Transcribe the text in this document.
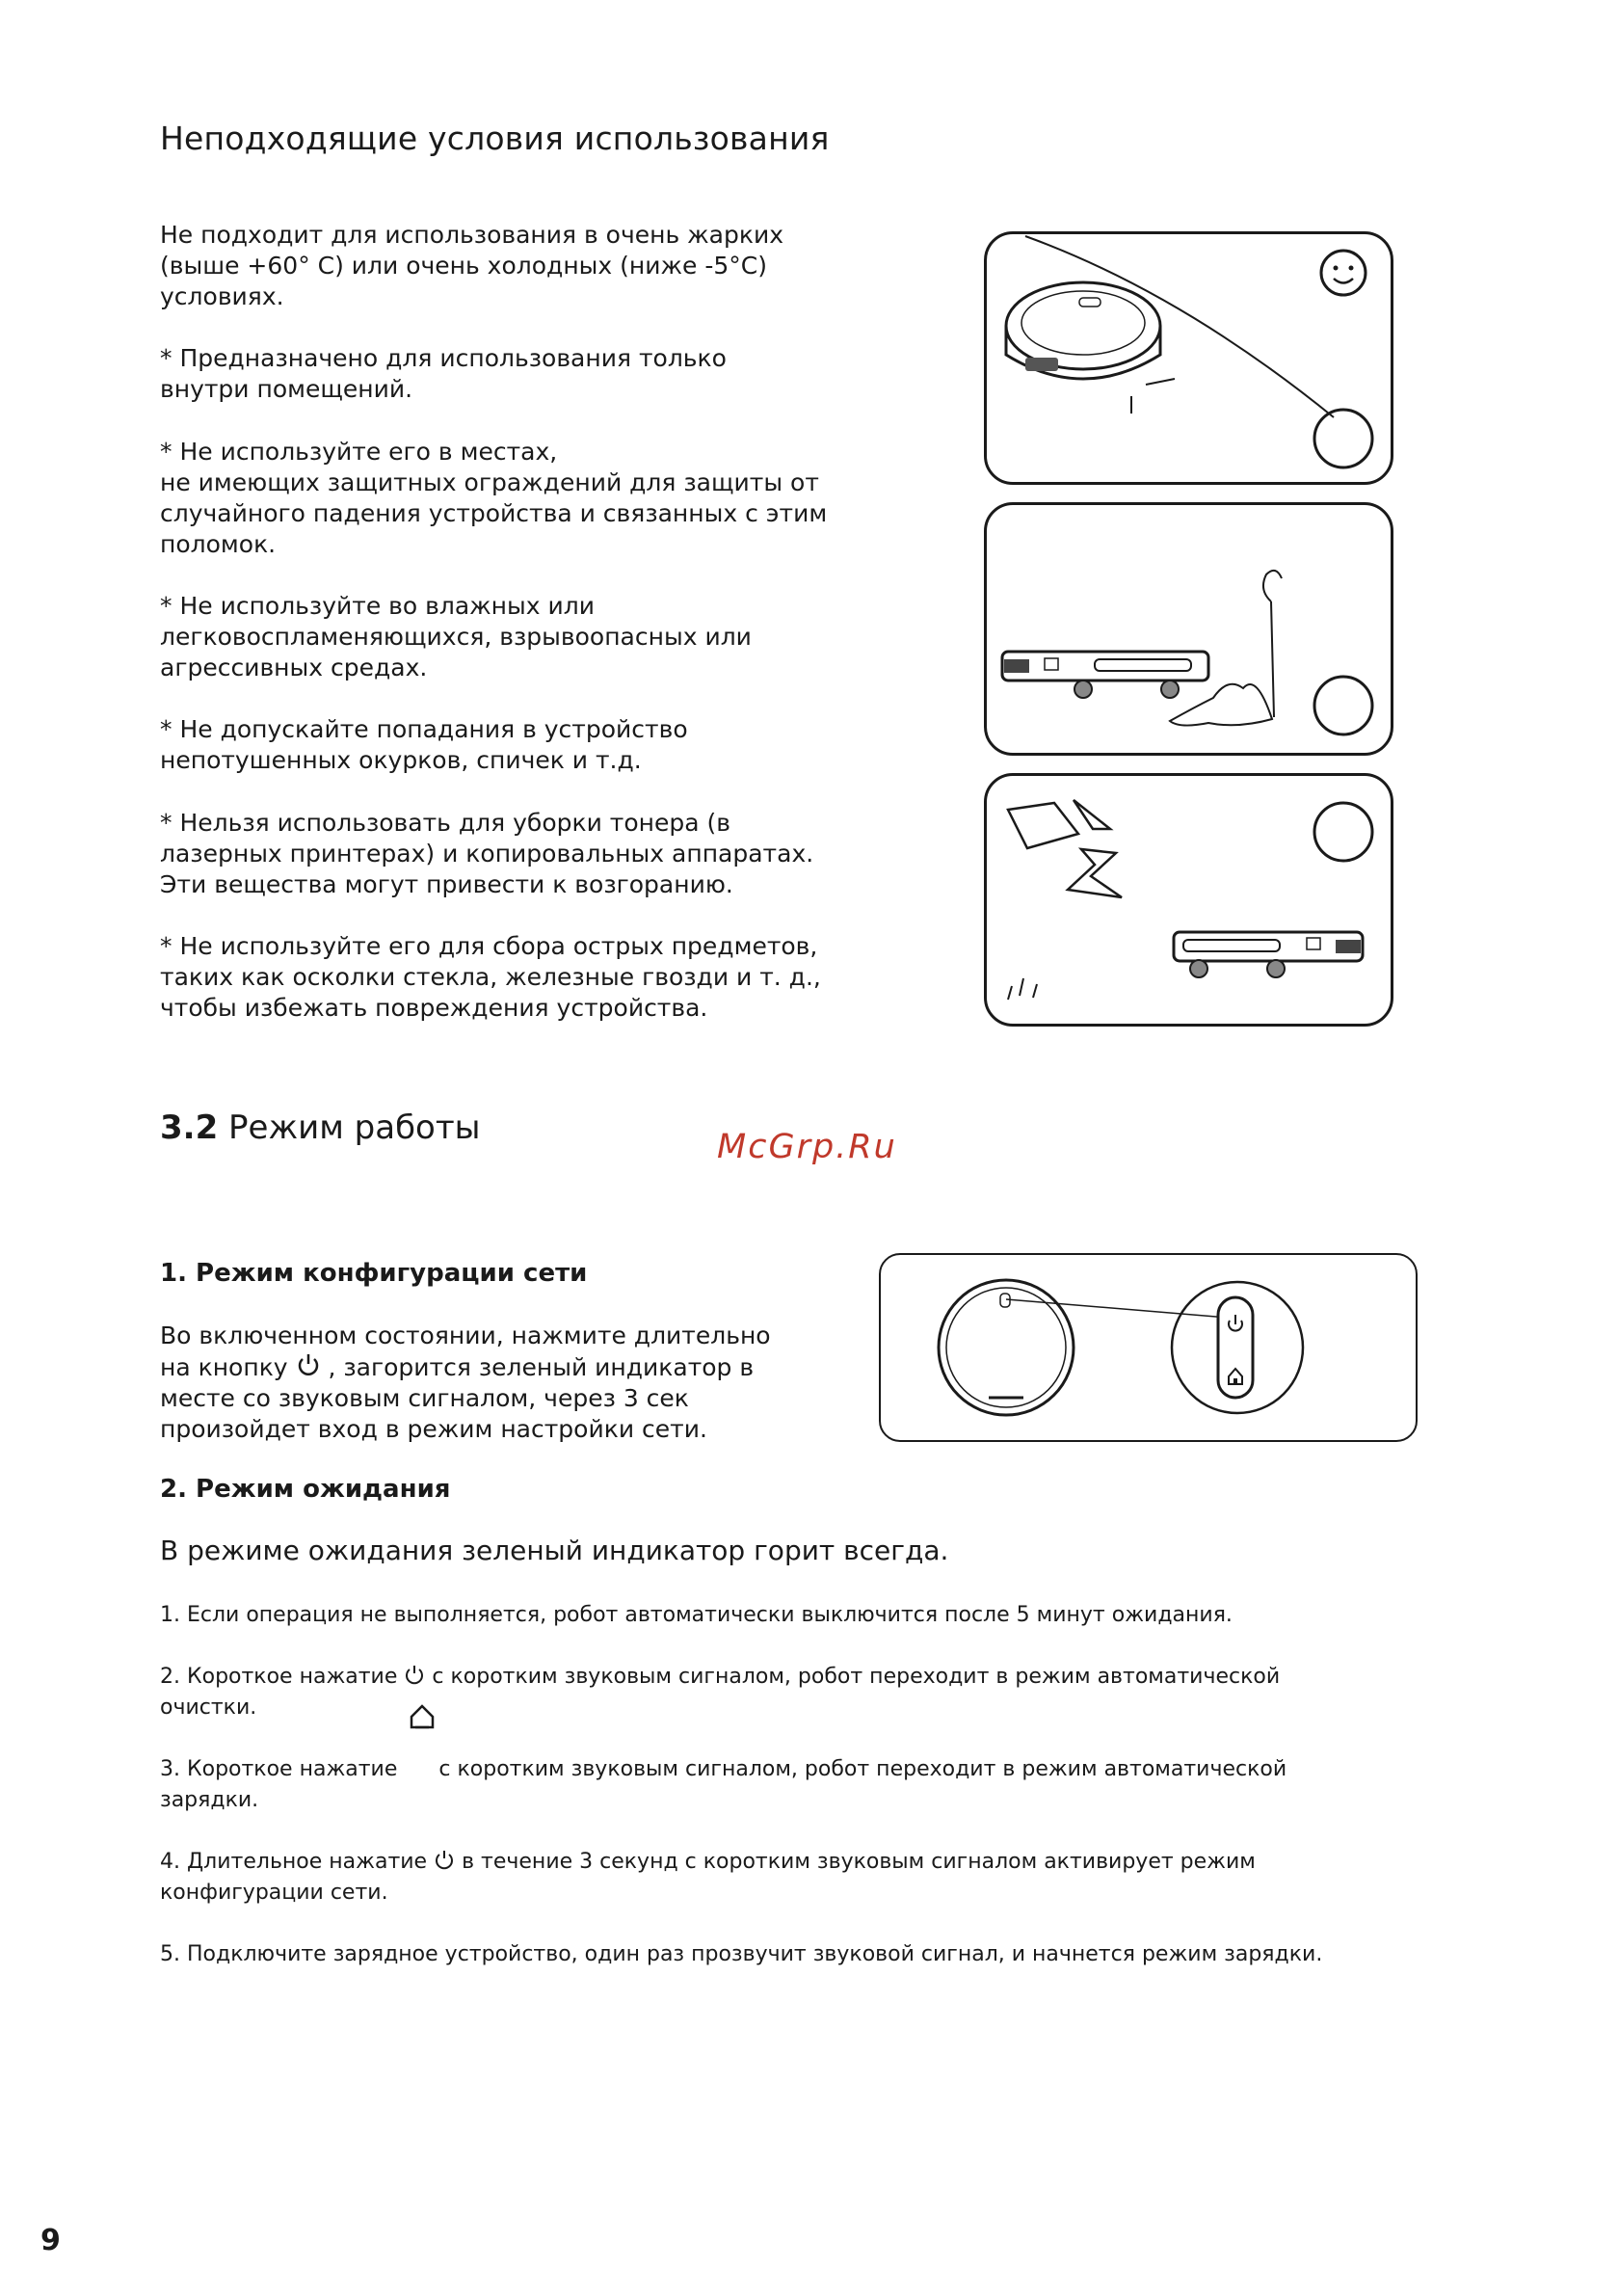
Неподходящие условия использования

Не подходит для использования в очень жарких
(выше +60° C) или очень холодных (ниже -5°C)
условиях.

* Предназначено для использования только
внутри помещений.

* Не используйте его в местах,
не имеющих защитных ограждений для защиты от
случайного падения устройства и связанных с этим
поломок.

* Не используйте во влажных или
легковоспламеняющихся, взрывоопасных или
агрессивных средах.

* Не допускайте попадания в устройство
непотушенных окурков, спичек и т.д.

* Нельзя использовать для уборки тонера (в
лазерных принтерах) и копировальных аппаратах.
Эти вещества могут привести к возгоранию.

* Не используйте его для сбора острых предметов,
таких как осколки стекла, железные гвозди и т. д.,
чтобы избежать повреждения устройства.

3.2 Режим работы	McGrp.Ru
1. Режим конфигурации сети

Во включенном состоянии, нажмите длительно
на кнопку
, загорится зеленый индикатор в
месте со звуковым сигналом, через 3 сек
произойдет вход в режим настройки сети.

2. Режим ожидания

В режиме ожидания зеленый индикатор горит всегда.

1. Если операция не выполняется, робот автоматически выключится после 5 минут ожидания.

2. Короткое нажатие
с коротким звуковым сигналом, робот переходит в режим автоматической
очистки.

3. Короткое нажатие с коротким звуковым сигналом, робот переходит в режим автоматической
зарядки.

4. Длительное нажатие
в течение 3 секунд с коротким звуковым сигналом активирует режим
конфигурации сети.

5. Подключите зарядное устройство, один раз прозвучит звуковой сигнал, и начнется режим зарядки.

9
